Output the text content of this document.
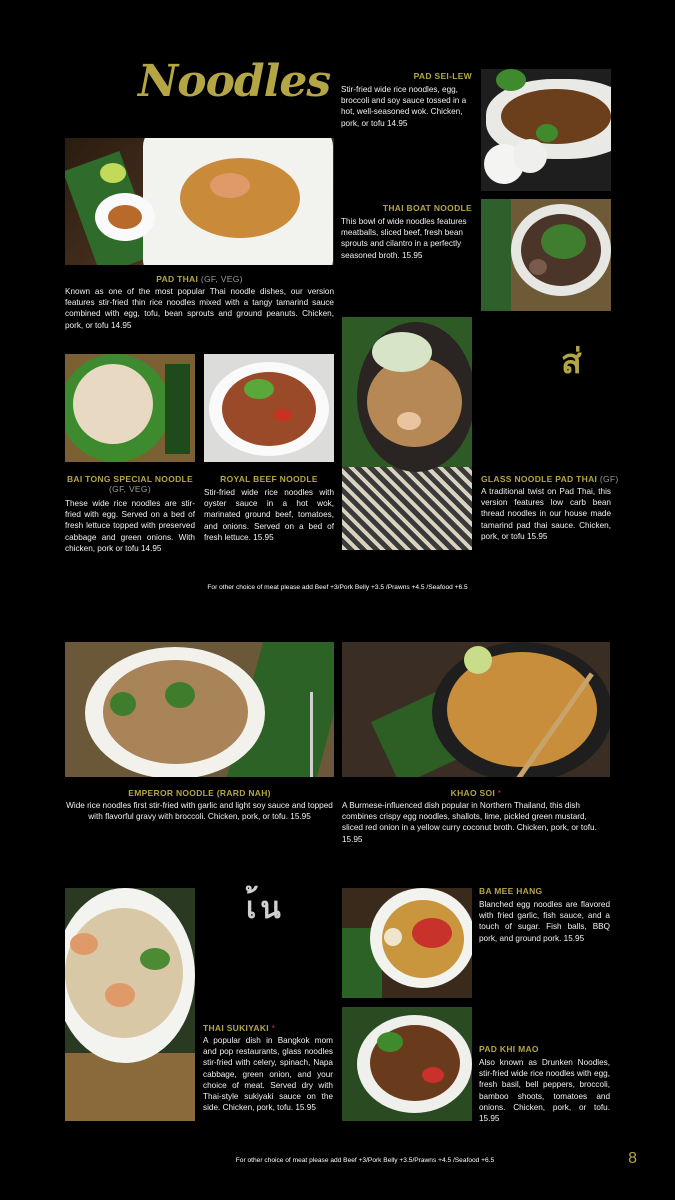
Noodles	PAD SEI-LEW
Stir-fried wide rice noodles, egg, broccoli and soy sauce tossed in a hot, well-seasoned wok. Chicken, pork, or tofu 14.95
THAI BOAT NOODLE
This bowl of wide noodles features meatballs, sliced beef, fresh bean sprouts and cilantro in a perfectly seasoned broth. 15.95
PAD THAI (GF, VEG)
Known as one of the most popular Thai noodle dishes, our version features stir-fried thin rice noodles mixed with a tangy tamarind sauce combined with egg, tofu, bean sprouts and ground peanuts. Chicken, pork, or tofu 14.95
ส่
BAI TONG SPECIAL NOODLE
(GF, VEG)
These wide rice noodles are stir-fried with egg. Served on a bed of fresh lettuce topped with preserved cabbage and green onions. With chicken, pork or tofu 14.95
ROYAL BEEF NOODLE
Stir-fried wide rice noodles with oyster sauce in a hot wok, marinated ground beef, tomatoes, and onions. Served on a bed of fresh lettuce. 15.95
GLASS NOODLE PAD THAI (GF)
A traditional twist on Pad Thai, this version features low carb bean thread noodles in our house made tamarind pad thai sauce. Chicken, pork, or tofu 15.95
For other choice of meat please add Beef +3/Pork Belly +3.5 /Prawns +4.5 /Seafood +6.5
EMPEROR NOODLE (RARD NAH)
Wide rice noodles first stir-fried with garlic and light soy sauce and topped with flavorful gravy with broccoli. Chicken, pork, or tofu. 15.95
KHAO SOI *
A Burmese-influenced dish popular in Northern Thailand, this dish combines crispy egg noodles, shallots, lime, pickled green mustard, sliced red onion in a yellow curry coconut broth. Chicken, pork, or tofu. 15.95
เ้น
THAI SUKIYAKI *
A popular dish in Bangkok mom and pop restaurants, glass noodles stir-fried with celery, spinach, Napa cabbage, green onion, and your choice of meat. Served dry with Thai-style sukiyaki sauce on the side. Chicken, pork, tofu. 15.95
BA MEE HANG
Blanched egg noodles are flavored with fried garlic, fish sauce, and a touch of sugar. Fish balls, BBQ pork, and ground pork. 15.95
PAD KHI MAO
Also known as Drunken Noodles, stir-fried wide rice noodles with egg, fresh basil, bell peppers, broccoli, bamboo shoots, tomatoes and onions. Chicken, pork, or tofu. 15.95
For other choice of meat please add Beef +3/Pork Belly +3.5/Prawns +4.5 /Seafood +6.5	8
